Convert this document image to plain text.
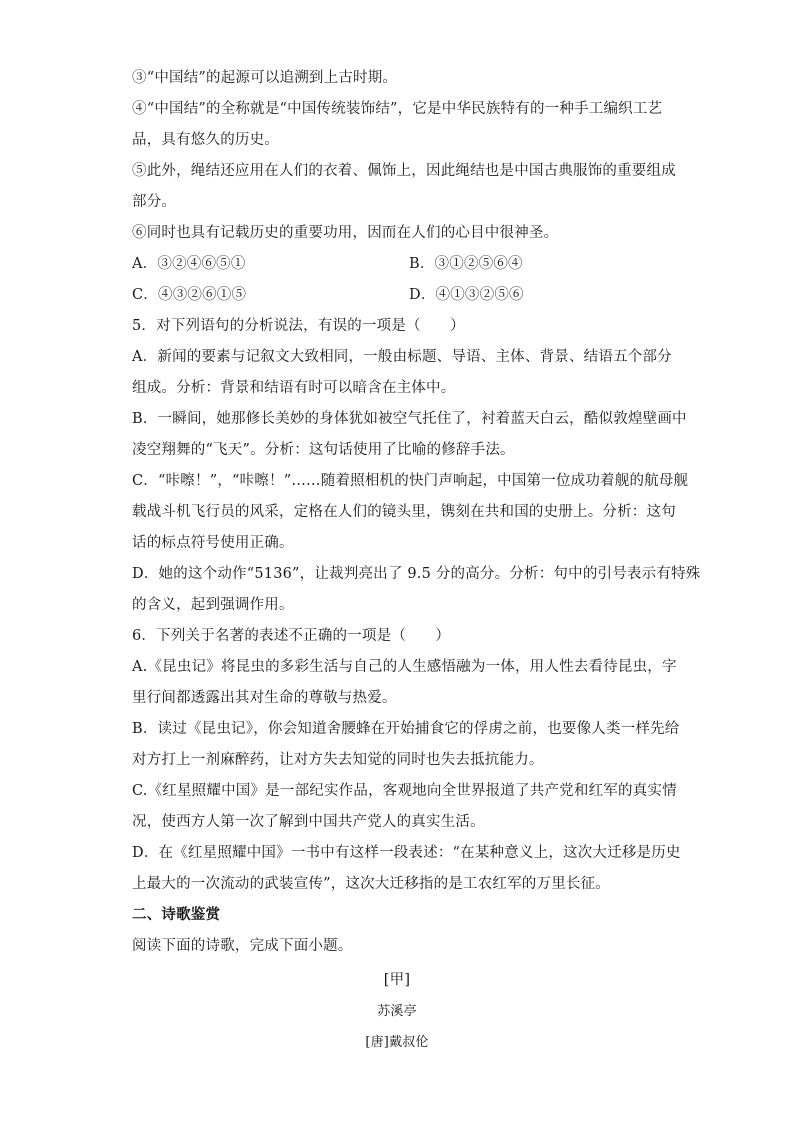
③“中国结”的起源可以追溯到上古时期。
④“中国结”的全称就是“中国传统装饰结”，它是中华民族特有的一种手工编织工艺
品，具有悠久的历史。
⑤此外，绳结还应用在人们的衣着、佩饰上，因此绳结也是中国古典服饰的重要组成
部分。
⑥同时也具有记载历史的重要功用，因而在人们的心目中很神圣。
A．③②④⑥⑤①	B．③①②⑤⑥④
C．④③②⑥①⑤	D．④①③②⑤⑥
5．对下列语句的分析说法，有误的一项是（　　）
A．新闻的要素与记叙文大致相同，一般由标题、导语、主体、背景、结语五个部分
组成。分析：背景和结语有时可以暗含在主体中。
B．一瞬间，她那修长美妙的身体犹如被空气托住了，衬着蓝天白云，酷似敦煌壁画中
凌空翔舞的“飞天”。分析：这句话使用了比喻的修辞手法。
C．“咔嚓！”，“咔嚓！”……随着照相机的快门声响起，中国第一位成功着舰的航母舰
载战斗机飞行员的风采，定格在人们的镜头里，镌刻在共和国的史册上。分析：这句
话的标点符号使用正确。
D．她的这个动作“5136”，让裁判亮出了 9.5 分的高分。分析：句中的引号表示有特殊
的含义，起到强调作用。
6．下列关于名著的表述不正确的一项是（　　）
A.《昆虫记》将昆虫的多彩生活与自己的人生感悟融为一体，用人性去看待昆虫，字
里行间都透露出其对生命的尊敬与热爱。
B．读过《昆虫记》，你会知道舍腰蜂在开始捕食它的俘虏之前，也要像人类一样先给
对方打上一剂麻醉药，让对方失去知觉的同时也失去抵抗能力。
C.《红星照耀中国》是一部纪实作品，客观地向全世界报道了共产党和红军的真实情
况，使西方人第一次了解到中国共产党人的真实生活。
D．在《红星照耀中国》一书中有这样一段表述：“在某种意义上，这次大迁移是历史
上最大的一次流动的武装宣传”，这次大迁移指的是工农红军的万里长征。
二、诗歌鉴赏
阅读下面的诗歌，完成下面小题。
[甲]
苏溪亭
[唐]戴叔伦
